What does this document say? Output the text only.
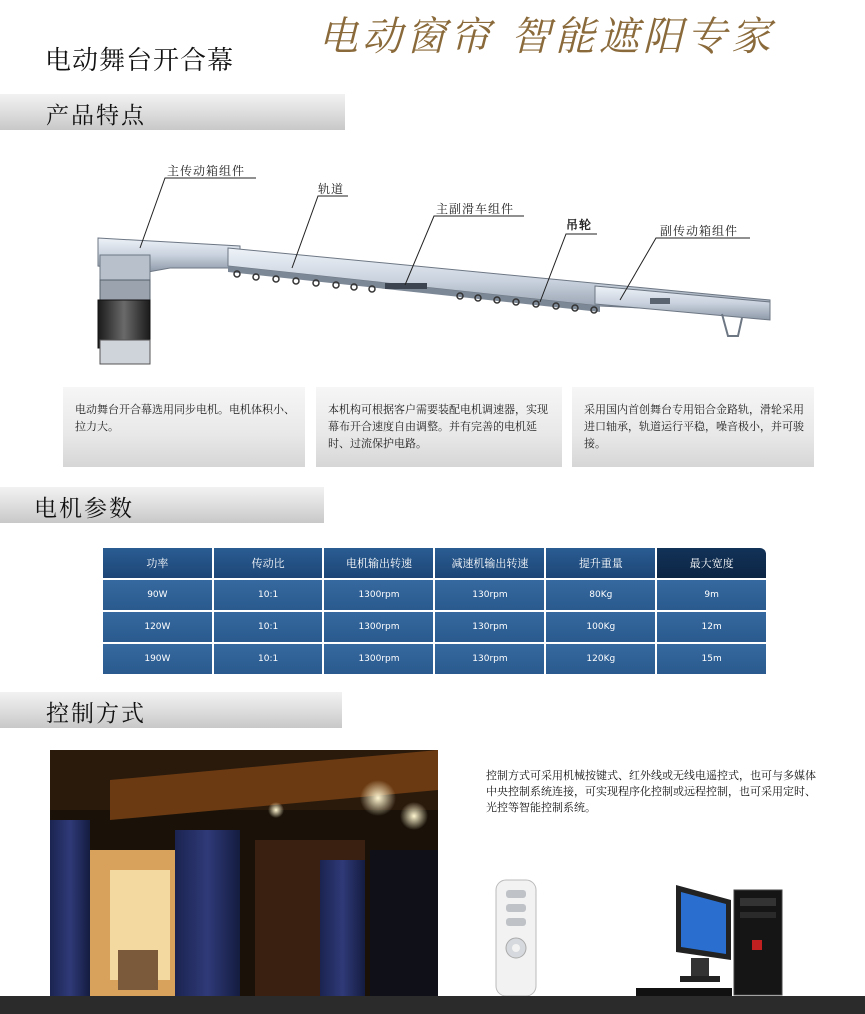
电动舞台开合幕
电动窗帘 智能遮阳专家
产品特点
主传动箱组件
轨道
主副滑车组件
吊轮	副传动箱组件
电动舞台开合幕选用同步电机。电机体积小、拉力大。
本机构可根据客户需要装配电机调速器，实现幕布开合速度自由调整。并有完善的电机延时、过流保护电路。
采用国内首创舞台专用铝合金路轨，滑轮采用进口轴承，轨道运行平稳，噪音极小，并可骏接。
电机参数
功率	传动比	电机输出转速	减速机输出转速	提升重量	最大宽度
90W	10:1	1300rpm	130rpm	80Kg	9m
120W	10:1	1300rpm	130rpm	100Kg	12m
190W	10:1	1300rpm	130rpm	120Kg	15m
控制方式
控制方式可采用机械按键式、红外线或无线电遥控式，也可与多媒体中央控制系统连接，可实现程序化控制或远程控制，也可采用定时、光控等智能控制系统。
